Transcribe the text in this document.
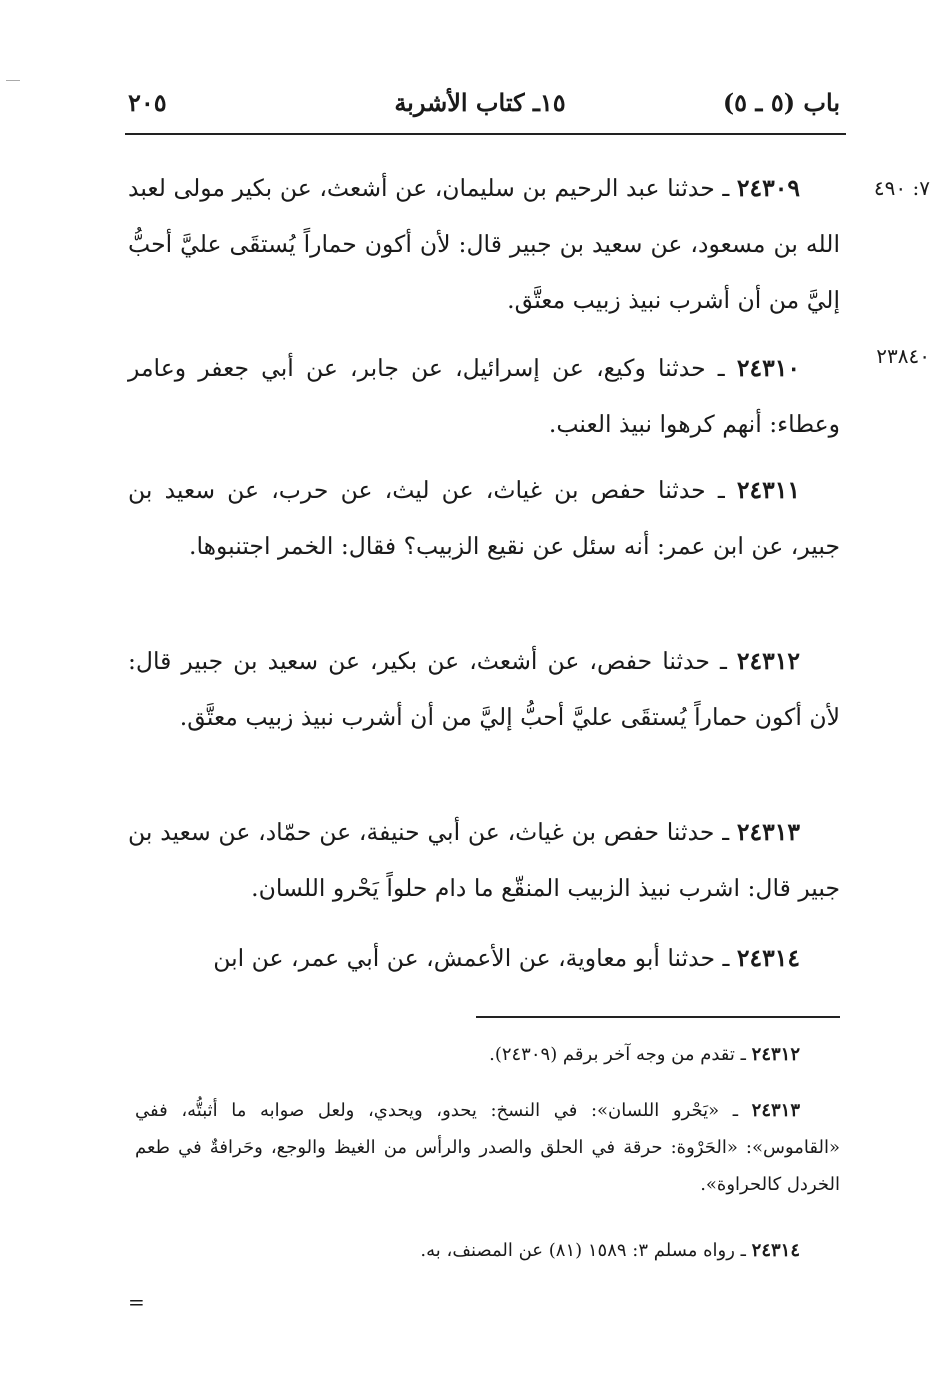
باب (٥ ـ ٥)
١٥ـ كتاب الأشربة
٢٠٥
٧: ٤٩٠
٢٣٨٤٠
٢٤٣٠٩ ـ حدثنا عبد الرحيم بن سليمان، عن أشعث، عن بكير مولى لعبد الله بن مسعود، عن سعيد بن جبير قال: لأن أكون حماراً يُستقَى عليَّ أحبُّ إليَّ من أن أشرب نبيذ زبيب معتَّق.
٢٤٣١٠ ـ حدثنا وكيع، عن إسرائيل، عن جابر، عن أبي جعفر وعامر وعطاء: أنهم كرهوا نبيذ العنب.
٢٤٣١١ ـ حدثنا حفص بن غياث، عن ليث، عن حرب، عن سعيد بن جبير، عن ابن عمر: أنه سئل عن نقيع الزبيب؟ فقال: الخمر اجتنبوها.
٢٤٣١٢ ـ حدثنا حفص، عن أشعث، عن بكير، عن سعيد بن جبير قال: لأن أكون حماراً يُستقَى عليَّ أحبُّ إليَّ من أن أشرب نبيذ زبيب معتَّق.
٢٤٣١٣ ـ حدثنا حفص بن غياث، عن أبي حنيفة، عن حمّاد، عن سعيد بن جبير قال: اشرب نبيذ الزبيب المنقّع ما دام حلواً يَحْرو اللسان.
٢٤٣١٤ ـ حدثنا أبو معاوية، عن الأعمش، عن أبي عمر، عن ابن
٢٤٣١٢ ـ تقدم من وجه آخر برقم (٢٤٣٠٩).
٢٤٣١٣ ـ «يَحْرو اللسان»: في النسخ: يحدو، ويحدي، ولعل صوابه ما أثبتُّه، ففي «القاموس»: «الحَرْوة: حرقة في الحلق والصدر والرأس من الغيظ والوجع، وحَرافةٌ في طعم الخردل كالحراوة».
٢٤٣١٤ ـ رواه مسلم ٣: ١٥٨٩ (٨١) عن المصنف، به.
=
